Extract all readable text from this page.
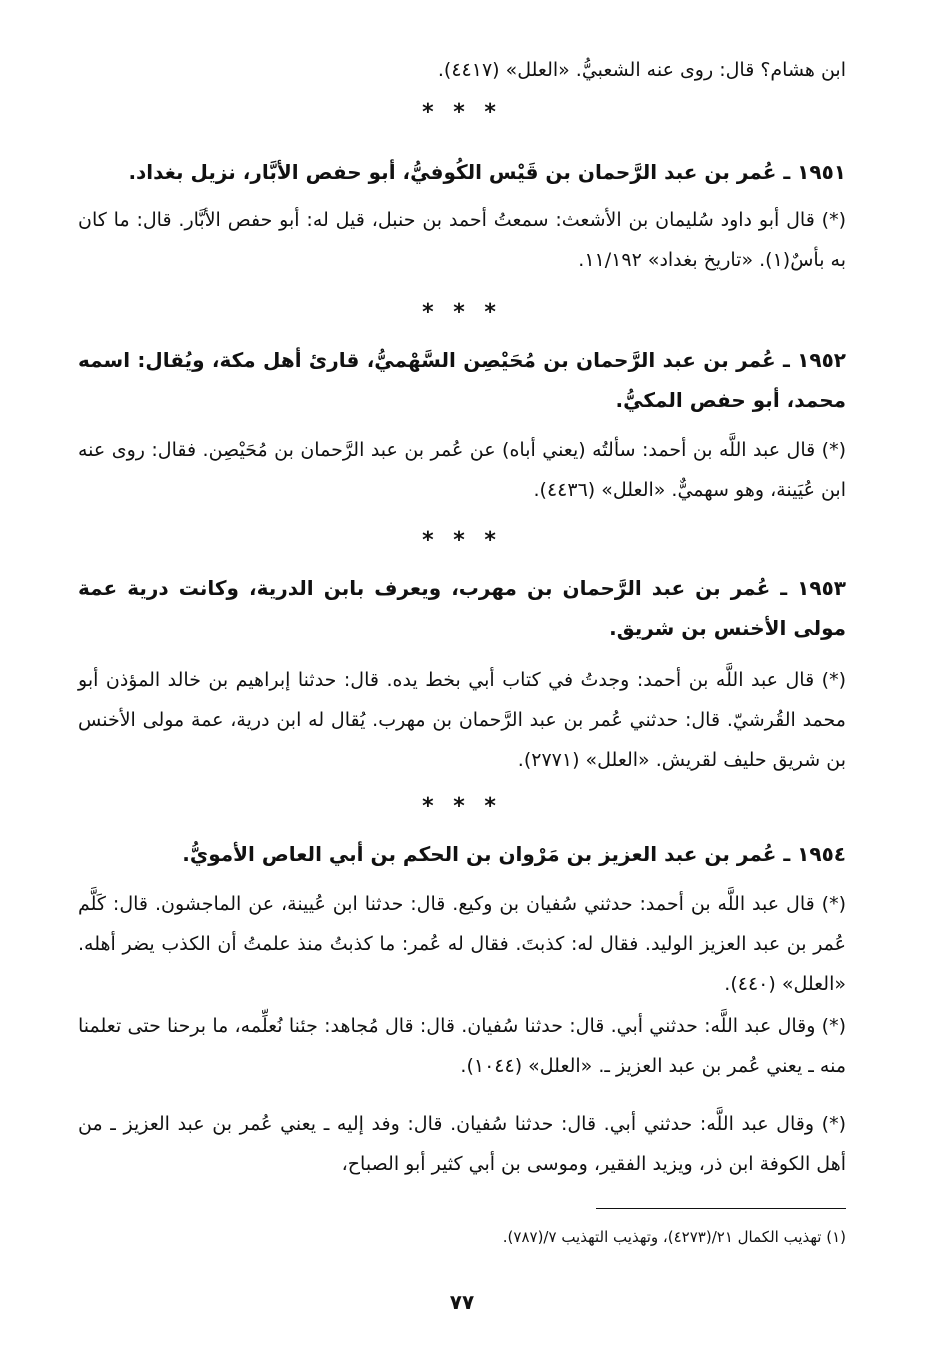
ابن هشام؟ قال: روى عنه الشعبيُّ. «العلل» (٤٤١٧).
* * *
١٩٥١ ـ عُمر بن عبد الرَّحمان بن قَيْس الكُوفيُّ، أبو حفص الأبَّار، نزيل بغداد.
(*) قال أبو داود سُليمان بن الأشعث: سمعتُ أحمد بن حنبل، قيل له: أبو حفص الأبَّار. قال: ما كان به بأسٌ(١). «تاريخ بغداد» ١١/١٩٢.
* * *
١٩٥٢ ـ عُمر بن عبد الرَّحمان بن مُحَيْصِن السَّهْميُّ، قارئ أهل مكة، ويُقال: اسمه محمد، أبو حفص المكيُّ.
(*) قال عبد اللَّه بن أحمد: سألتُه (يعني أباه) عن عُمر بن عبد الرَّحمان بن مُحَيْصِن. فقال: روى عنه ابن عُيَينة، وهو سهميٌّ. «العلل» (٤٤٣٦).
* * *
١٩٥٣ ـ عُمر بن عبد الرَّحمان بن مهرب، ويعرف بابن الدرية، وكانت درية عمة مولى الأخنس بن شريق.
(*) قال عبد اللَّه بن أحمد: وجدتُ في كتاب أبي بخط يده. قال: حدثنا إبراهيم بن خالد المؤذن أبو محمد القُرشيّ. قال: حدثني عُمر بن عبد الرَّحمان بن مهرب. يُقال له ابن درية، عمة مولى الأخنس بن شريق حليف لقريش. «العلل» (٢٧٧١).
* * *
١٩٥٤ ـ عُمر بن عبد العزيز بن مَرْوان بن الحكم بن أبي العاص الأمويُّ.
(*) قال عبد اللَّه بن أحمد: حدثني سُفيان بن وكيع. قال: حدثنا ابن عُيينة، عن الماجشون. قال: كَلَّم عُمر بن عبد العزيز الوليد. فقال له: كذبتَ. فقال له عُمر: ما كذبتُ منذ علمتُ أن الكذب يضر أهله. «العلل» (٤٤٠).
(*) وقال عبد اللَّه: حدثني أبي. قال: حدثنا سُفيان. قال: قال مُجاهد: جئنا نُعلِّمه، ما برحنا حتى تعلمنا منه ـ يعني عُمر بن عبد العزيز ـ. «العلل» (١٠٤٤).
(*) وقال عبد اللَّه: حدثني أبي. قال: حدثنا سُفيان. قال: وفد إليه ـ يعني عُمر بن عبد العزيز ـ من أهل الكوفة ابن ذر، ويزيد الفقير، وموسى بن أبي كثير أبو الصباح،
(١) تهذيب الكمال ٢١/(٤٢٧٣)، وتهذيب التهذيب ٧/(٧٨٧).
٧٧
